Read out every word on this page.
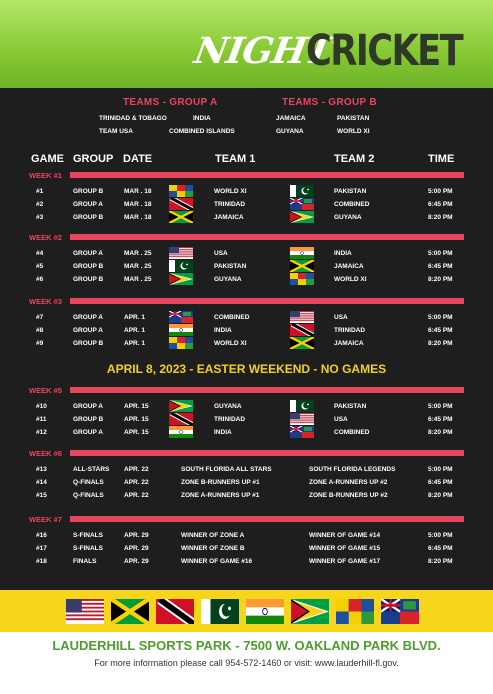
NIGHT
CRICKET
TEAMS - GROUP A	TEAMS - GROUP B
TRINIDAD & TOBAGO	INDIA
TEAM USA	COMBINED ISLANDS
JAMAICA	PAKISTAN
GUYANA	WORLD XI
GAME GROUP DATE	TEAM 1	TEAM 2	TIME
WEEK #1
#1	GROUP B	MAR . 18	WORLD XI	PAKISTAN	5:00 PM
#2	GROUP A	MAR . 18	TRINIDAD	COMBINED	6:45 PM
#3	GROUP B	MAR . 18	JAMAICA	GUYANA	8:20 PM
WEEK #2
#4	GROUP A	MAR . 25	USA	INDIA	5:00 PM
#5	GROUP B	MAR . 25	PAKISTAN	JAMAICA	6:45 PM
#6	GROUP B	MAR . 25	GUYANA	WORLD XI	8:20 PM
WEEK #3
#7	GROUP A	APR. 1	COMBINED	USA	5:00 PM
#8	GROUP A	APR. 1	INDIA	TRINIDAD	6:45 PM
#9	GROUP B	APR. 1	WORLD XI	JAMAICA	8:20 PM
WEEK #5
#10	GROUP A	APR. 15	GUYANA	PAKISTAN	5:00 PM
#11	GROUP B	APR. 15	TRINIDAD	USA	6:45 PM
#12	GROUP A	APR. 15	INDIA	COMBINED	8:20 PM
WEEK #6
#13	ALL-STARS APR. 22	SOUTH FLORIDA ALL STARS	SOUTH FLORIDA LEGENDS	5:00 PM
#14	Q-FINALS	APR. 22	ZONE B-RUNNERS UP #1	ZONE A-RUNNERS UP #2	6:45 PM
#15	Q-FINALS	APR. 22	ZONE A-RUNNERS UP #1	ZONE B-RUNNERS UP #2	8:20 PM
WEEK #7
#16	S-FINALS	APR. 29	WINNER OF ZONE A	WINNER OF GAME #14	5:00 PM
#17	S-FINALS	APR. 29	WINNER OF ZONE B	WINNER OF GAME #15	6:45 PM
#18	FINALS	APR. 29	WINNER OF GAME #16	WINNER OF GAME #17	8:20 PM
APRIL 8, 2023 - EASTER WEEKEND - NO GAMES
LAUDERHILL SPORTS PARK - 7500 W. OAKLAND PARK BLVD.
For more information please call 954-572-1460 or visit: www.lauderhill-fl.gov.
